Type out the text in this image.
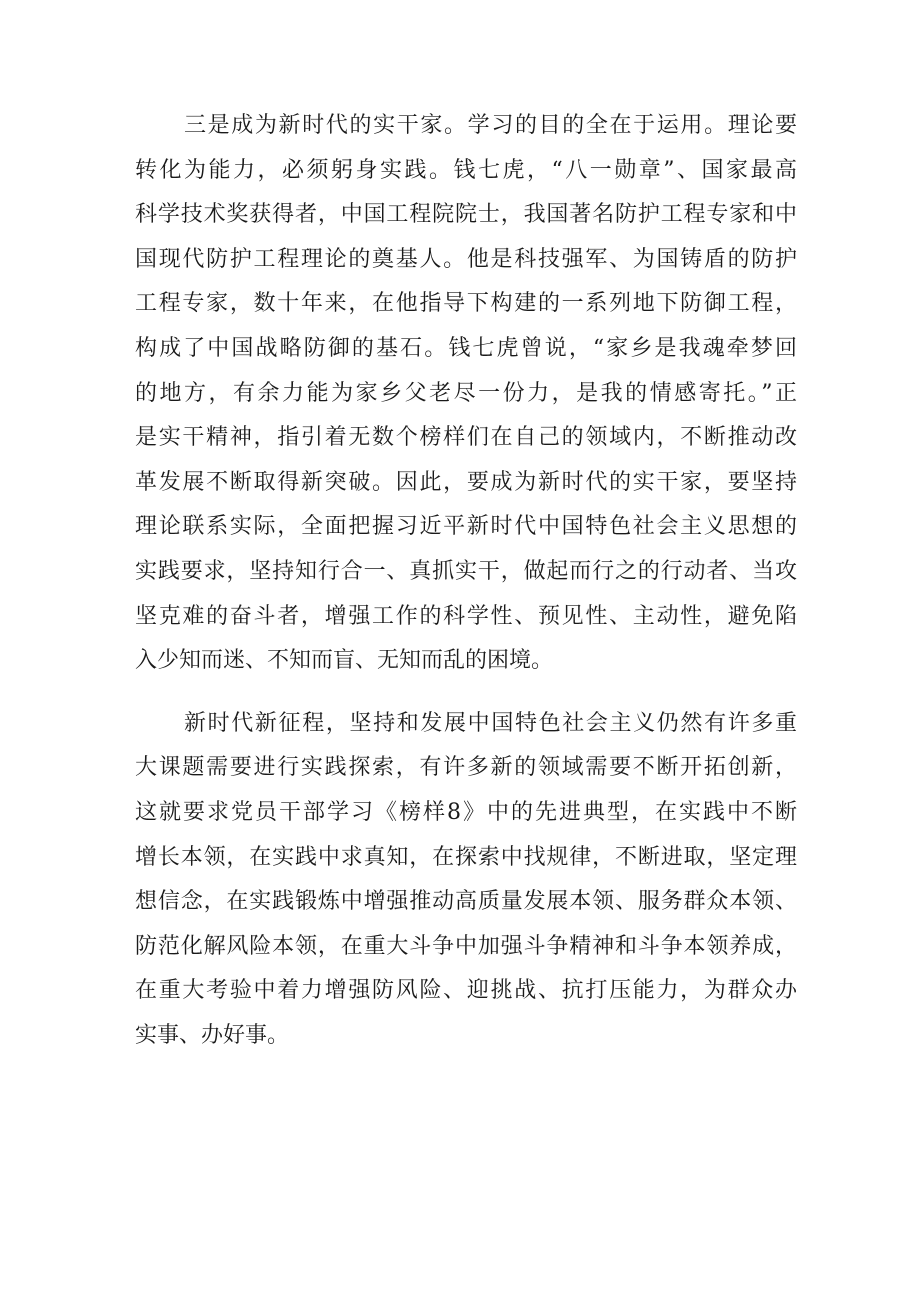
三是成为新时代的实干家。学习的目的全在于运用。理论要
转化为能力，必须躬身实践。钱七虎，“八一勋章”、国家最高
科学技术奖获得者，中国工程院院士，我国著名防护工程专家和中
国现代防护工程理论的奠基人。他是科技强军、为国铸盾的防护
工程专家，数十年来，在他指导下构建的一系列地下防御工程，
构成了中国战略防御的基石。钱七虎曾说，“家乡是我魂牵梦回
的地方，有余力能为家乡父老尽一份力，是我的情感寄托。”正
是实干精神，指引着无数个榜样们在自己的领域内，不断推动改
革发展不断取得新突破。因此，要成为新时代的实干家，要坚持
理论联系实际，全面把握习近平新时代中国特色社会主义思想的
实践要求，坚持知行合一、真抓实干，做起而行之的行动者、当攻
坚克难的奋斗者，增强工作的科学性、预见性、主动性，避免陷
入少知而迷、不知而盲、无知而乱的困境。
新时代新征程，坚持和发展中国特色社会主义仍然有许多重
大课题需要进行实践探索，有许多新的领域需要不断开拓创新，
这就要求党员干部学习《榜样8》中的先进典型，在实践中不断
增长本领，在实践中求真知，在探索中找规律，不断进取，坚定理
想信念，在实践锻炼中增强推动高质量发展本领、服务群众本领、
防范化解风险本领，在重大斗争中加强斗争精神和斗争本领养成，
在重大考验中着力增强防风险、迎挑战、抗打压能力，为群众办
实事、办好事。
